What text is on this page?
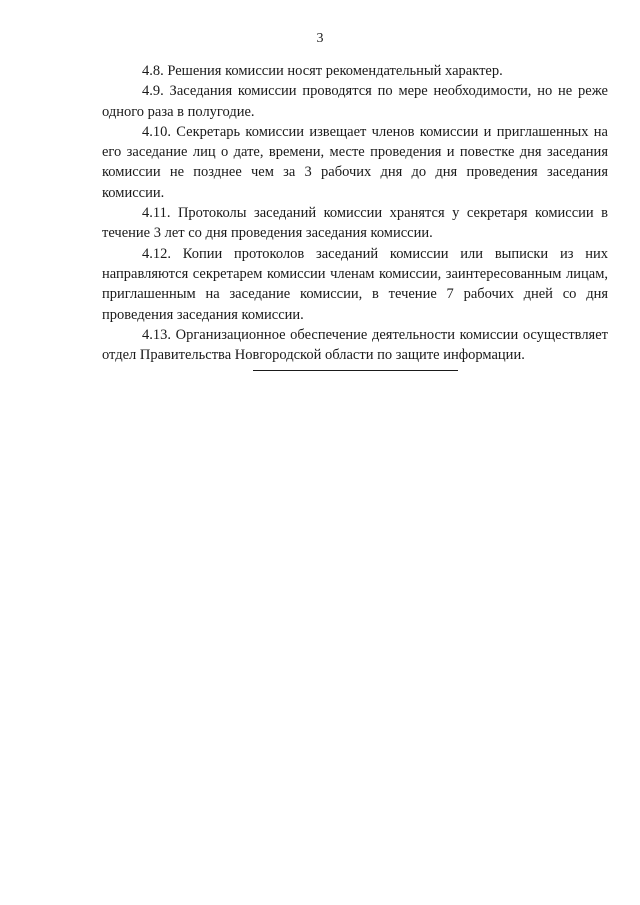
3

4.8. Решения комиссии носят рекомендательный характер.

4.9. Заседания комиссии проводятся по мере необходимости, но не реже одного раза в полугодие.

4.10. Секретарь комиссии извещает членов комиссии и приглашенных на его заседание лиц о дате, времени, месте проведения и повестке дня заседания комиссии не позднее чем за 3 рабочих дня до дня проведения заседания комиссии.

4.11. Протоколы заседаний комиссии хранятся у секретаря комиссии в течение 3 лет со дня проведения заседания комиссии.

4.12. Копии протоколов заседаний комиссии или выписки из них направляются секретарем комиссии членам комиссии, заинтересованным лицам, приглашенным на заседание комиссии, в течение 7 рабочих дней со дня проведения заседания комиссии.

4.13. Организационное обеспечение деятельности комиссии осуществляет отдел Правительства Новгородской области по защите информации.
